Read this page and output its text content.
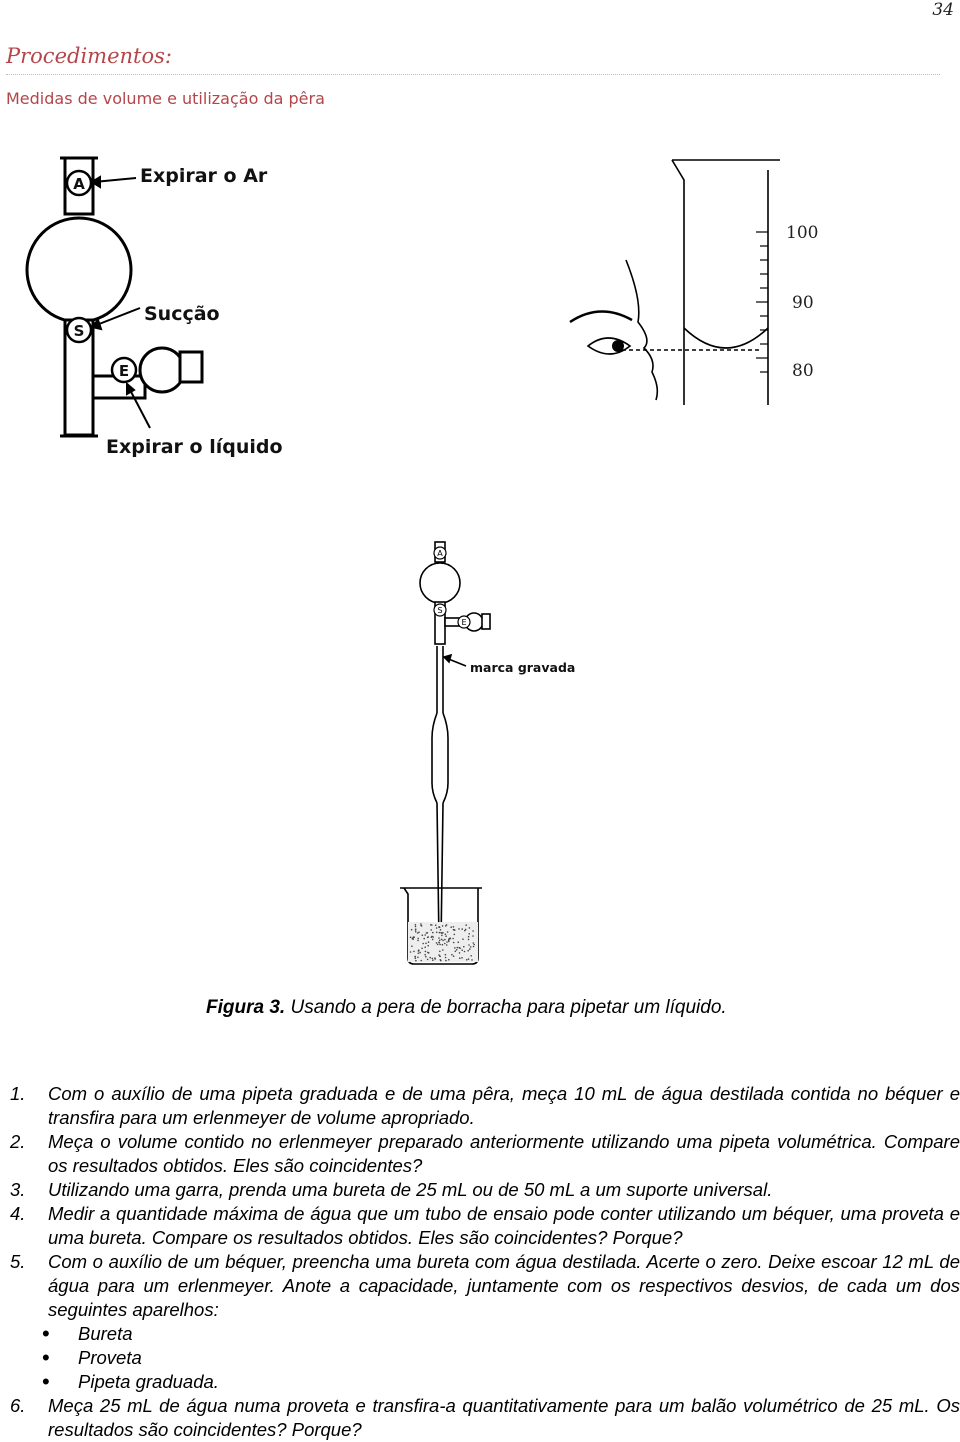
34
Procedimentos:
Medidas de volume e utilização da pêra
A
S
E
Expirar o Ar
Sucção
Expirar o líquido
100
90
80
A
S
E
marca gravada
Figura 3. Usando a pera de borracha para pipetar um líquido.
1. Com o auxílio de uma pipeta graduada e de uma pêra, meça 10 mL de água destilada contida no béquer e transfira para um erlenmeyer de volume apropriado.
2. Meça o volume contido no erlenmeyer preparado anteriormente utilizando uma pipeta volumétrica. Compare os resultados obtidos. Eles são coincidentes?
3. Utilizando uma garra, prenda uma bureta de 25 mL ou de 50 mL a um suporte universal.
4. Medir a quantidade máxima de água que um tubo de ensaio pode conter utilizando um béquer, uma proveta e uma bureta. Compare os resultados obtidos. Eles são coincidentes? Porque?
5. Com o auxílio de um béquer, preencha uma bureta com água destilada. Acerte o zero. Deixe escoar 12 mL de água para um erlenmeyer. Anote a capacidade, juntamente com os respectivos desvios, de cada um dos seguintes aparelhos:
• Bureta
• Proveta
• Pipeta graduada.
6. Meça 25 mL de água numa proveta e transfira-a quantitativamente para um balão volumétrico de 25 mL. Os resultados são coincidentes? Porque?
